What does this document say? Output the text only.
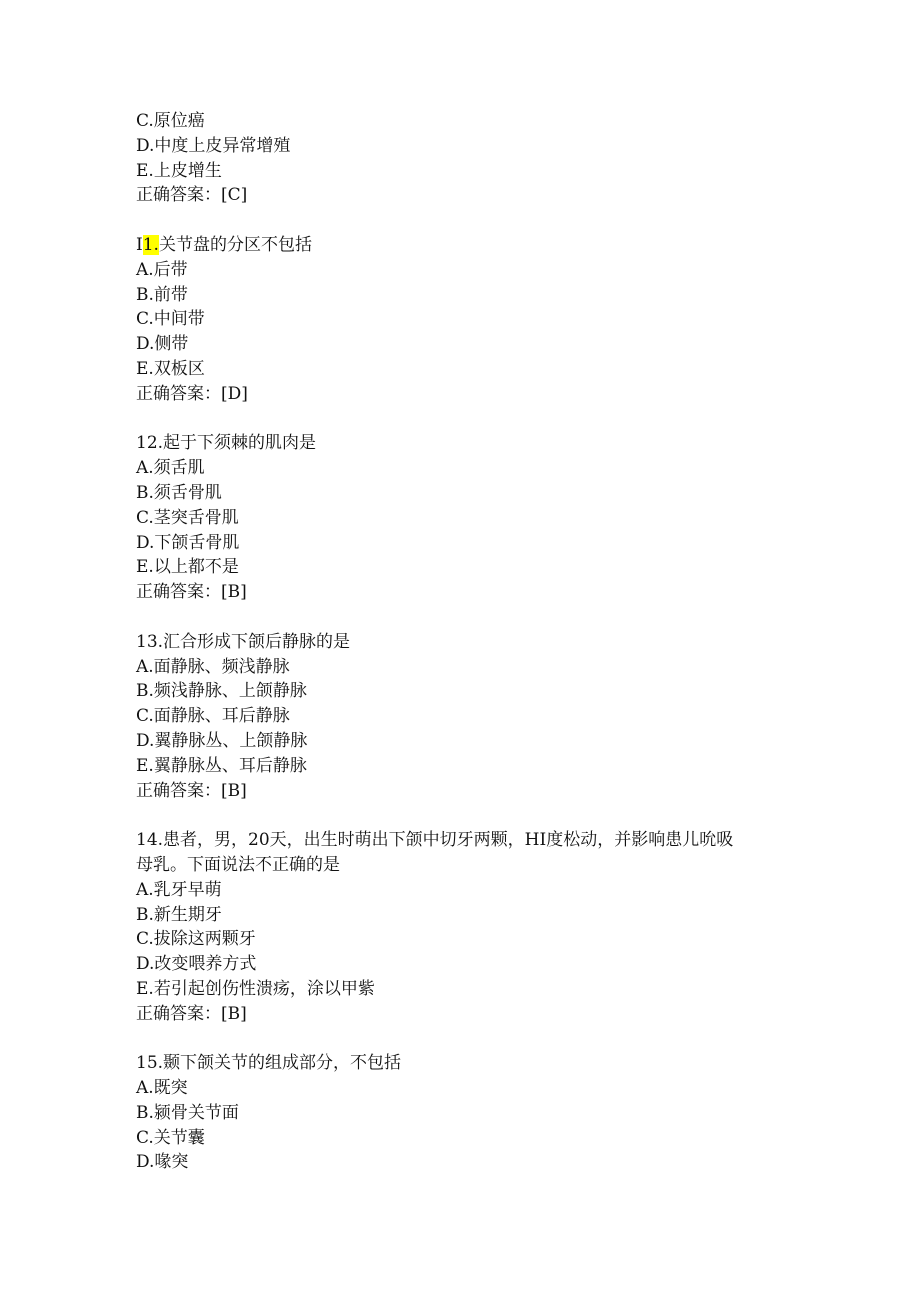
C.原位癌

D.中度上皮异常增殖

E.上皮增生

正确答案：[C]

I1.关节盘的分区不包括

A.后带

B.前带

C.中间带

D.侧带

E.双板区

正确答案：[D]

12.起于下须棘的肌肉是

A.须舌肌

B.须舌骨肌

C.茎突舌骨肌

D.下颌舌骨肌

E.以上都不是

正确答案：[B]

13.汇合形成下颌后静脉的是

A.面静脉、频浅静脉

B.频浅静脉、上颌静脉

C.面静脉、耳后静脉

D.翼静脉丛、上颌静脉

E.翼静脉丛、耳后静脉

正确答案：[B]

14.患者，男，20天，出生时萌出下颌中切牙两颗，HI度松动，并影响患儿吮吸

母乳。下面说法不正确的是

A.乳牙早萌

B.新生期牙

C.拔除这两颗牙

D.改变喂养方式

E.若引起创伤性溃疡，涂以甲紫

正确答案：[B]

15.颞下颌关节的组成部分，不包括

A.既突

B.颍骨关节面

C.关节囊

D.喙突
